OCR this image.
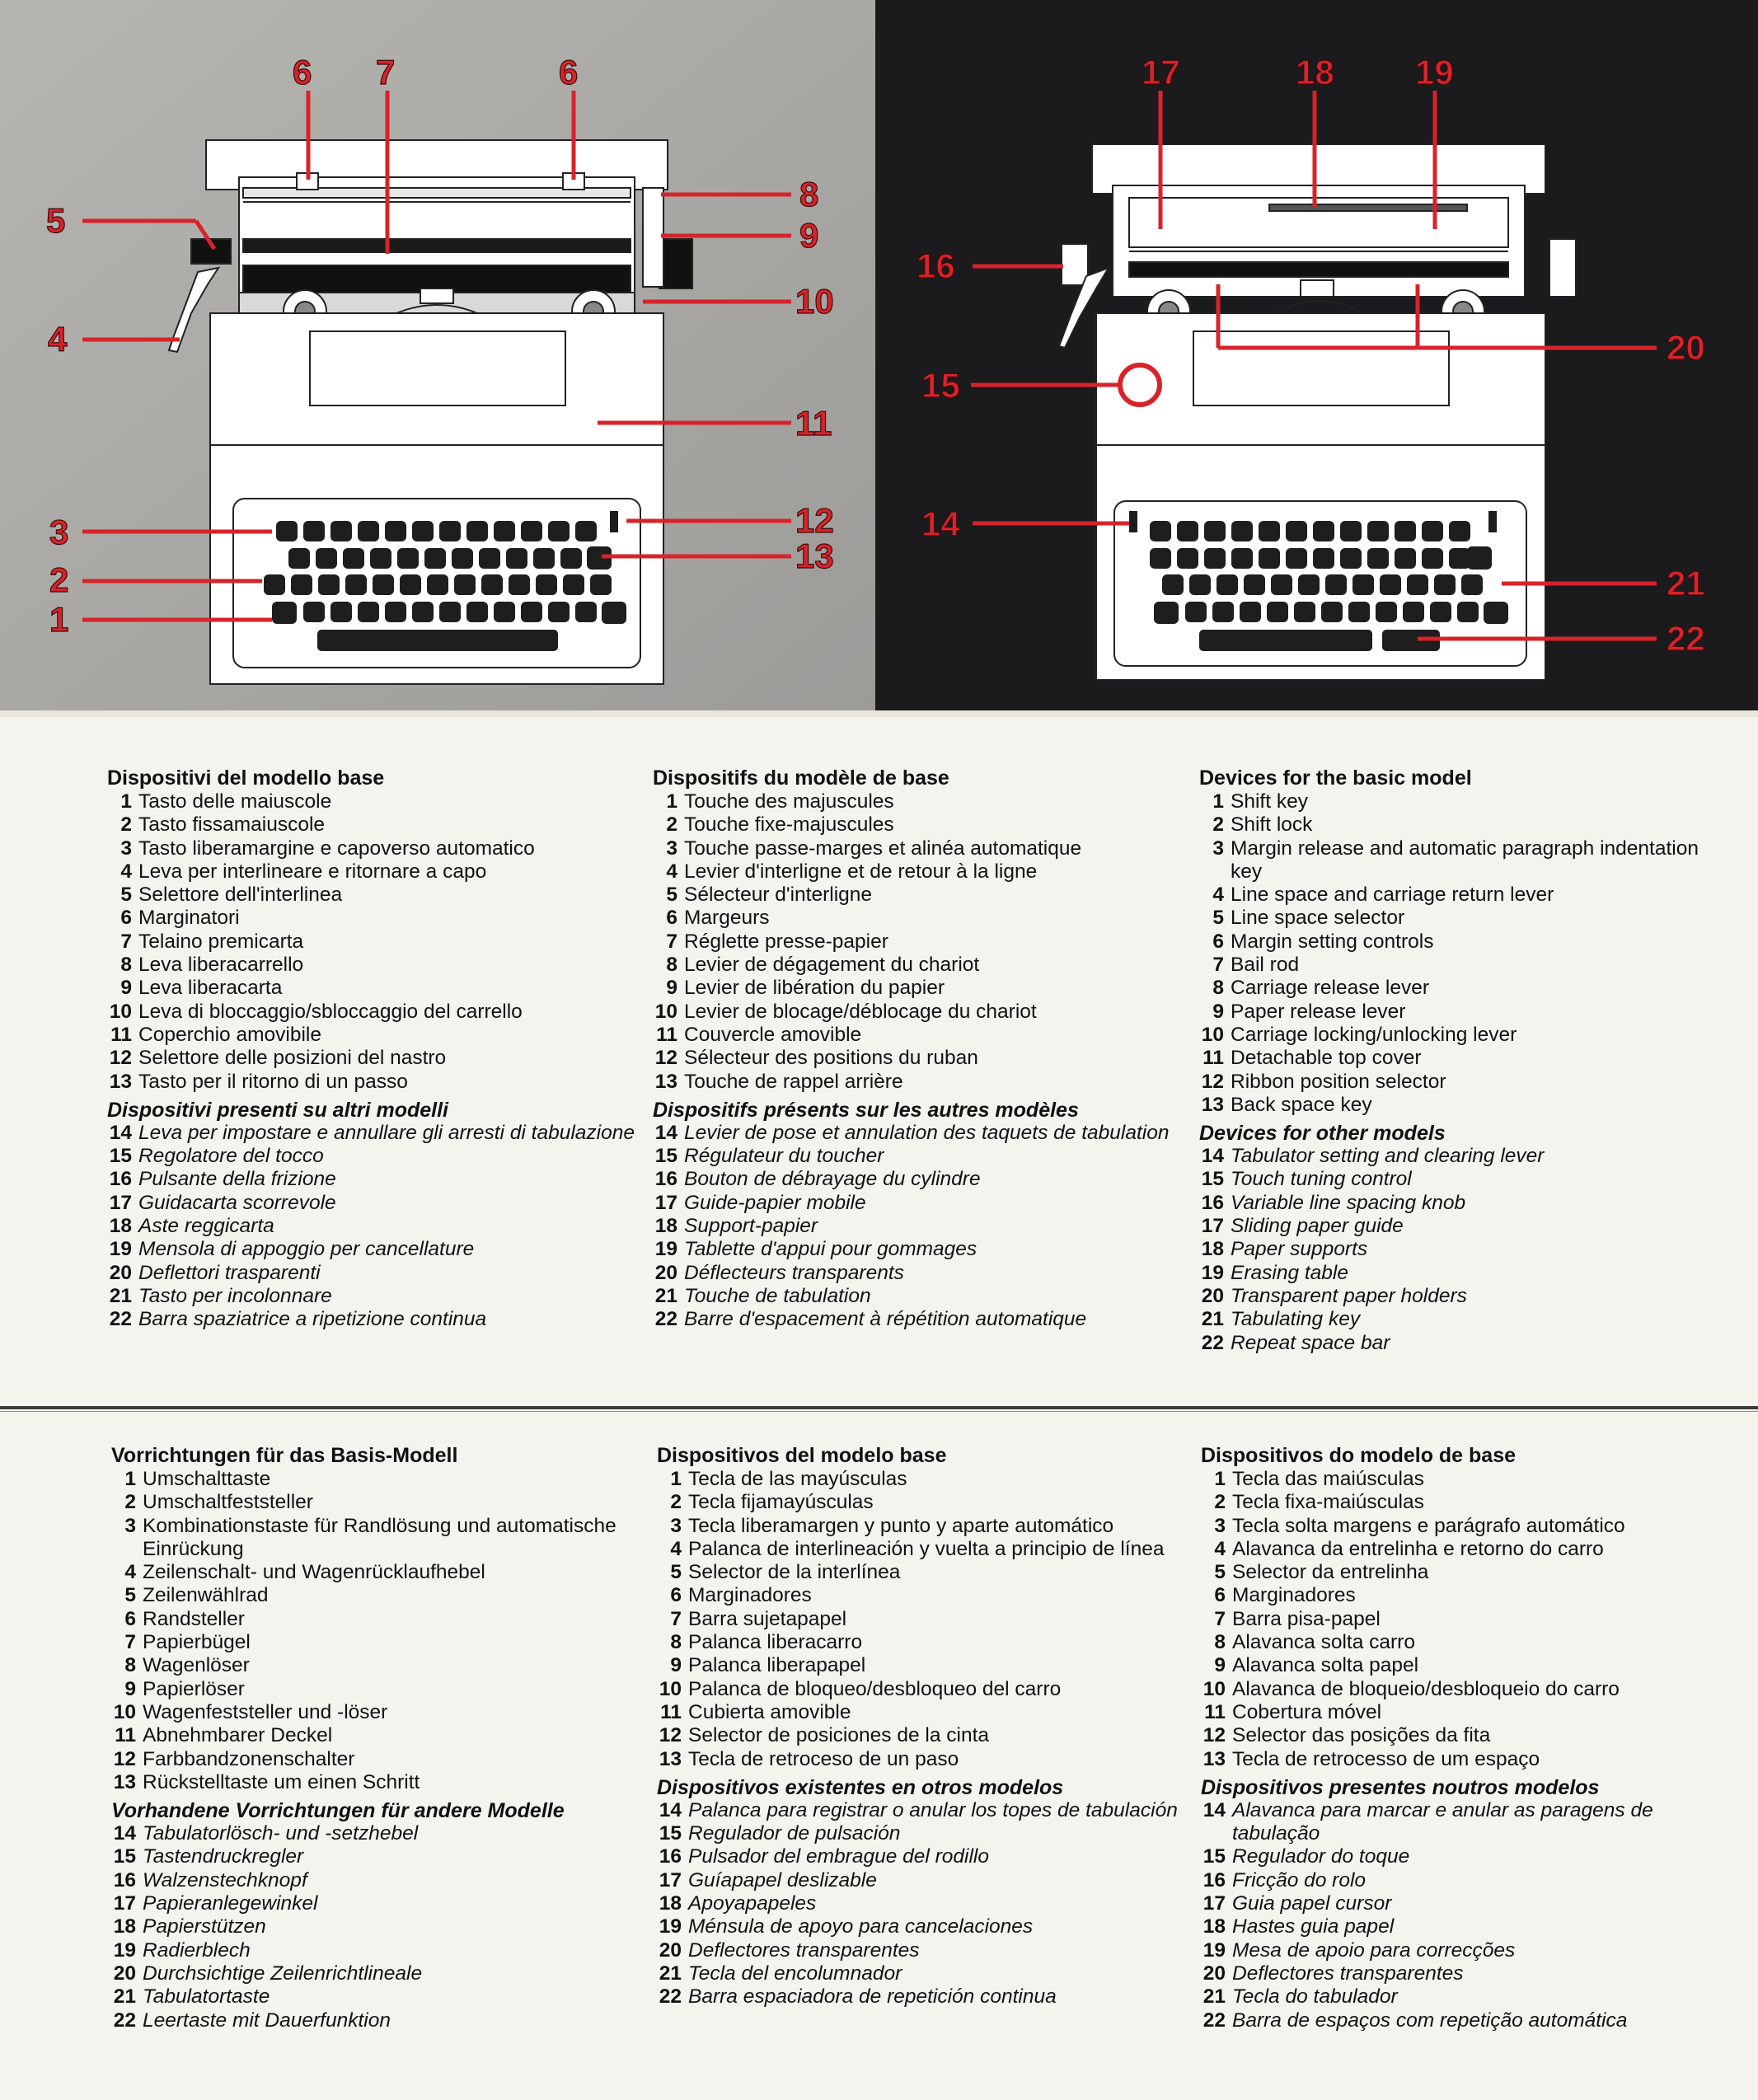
6 7	6
5
4
8
9
10
11
12
13
3
2
1
17	18 19
16
15
20
14
21
22
Dispositivi del modello base
1 Tasto delle maiuscole
2 Tasto fissamaiuscole
3 Tasto liberamargine e capoverso automatico
4 Leva per interlineare e ritornare a capo
5 Selettore dell'interlinea
6 Marginatori
7 Telaino premicarta
8 Leva liberacarrello
9 Leva liberacarta
10 Leva di bloccaggio/sbloccaggio del carrello
11 Coperchio amovibile
12 Selettore delle posizioni del nastro
13 Tasto per il ritorno di un passo
Dispositivi presenti su altri modelli
14 Leva per impostare e annullare gli arresti di tabulazione
15 Regolatore del tocco
16 Pulsante della frizione
17 Guidacarta scorrevole
18 Aste reggicarta
19 Mensola di appoggio per cancellature
20 Deflettori trasparenti
21 Tasto per incolonnare
22 Barra spaziatrice a ripetizione continua
Dispositifs du modèle de base
1 Touche des majuscules
2 Touche fixe-majuscules
3 Touche passe-marges et alinéa automatique
4 Levier d'interligne et de retour à la ligne
5 Sélecteur d'interligne
6 Margeurs
7 Réglette presse-papier
8 Levier de dégagement du chariot
9 Levier de libération du papier
10 Levier de blocage/déblocage du chariot
11 Couvercle amovible
12 Sélecteur des positions du ruban
13 Touche de rappel arrière
Dispositifs présents sur les autres modèles
14 Levier de pose et annulation des taquets de tabulation
15 Régulateur du toucher
16 Bouton de débrayage du cylindre
17 Guide-papier mobile
18 Support-papier
19 Tablette d'appui pour gommages
20 Déflecteurs transparents
21 Touche de tabulation
22 Barre d'espacement à répétition automatique
Devices for the basic model
1 Shift key
2 Shift lock
3 Margin release and automatic paragraph indentation key
4 Line space and carriage return lever
5 Line space selector
6 Margin setting controls
7 Bail rod
8 Carriage release lever
9 Paper release lever
10 Carriage locking/unlocking lever
11 Detachable top cover
12 Ribbon position selector
13 Back space key
Devices for other models
14 Tabulator setting and clearing lever
15 Touch tuning control
16 Variable line spacing knob
17 Sliding paper guide
18 Paper supports
19 Erasing table
20 Transparent paper holders
21 Tabulating key
22 Repeat space bar
Vorrichtungen für das Basis-Modell
1 Umschalttaste
2 Umschaltfeststeller
3 Kombinationstaste für Randlösung und automatische Einrückung
4 Zeilenschalt- und Wagenrücklaufhebel
5 Zeilenwählrad
6 Randsteller
7 Papierbügel
8 Wagenlöser
9 Papierlöser
10 Wagenfeststeller und -löser
11 Abnehmbarer Deckel
12 Farbbandzonenschalter
13 Rückstelltaste um einen Schritt
Vorhandene Vorrichtungen für andere Modelle
14 Tabulatorlösch- und -setzhebel
15 Tastendruckregler
16 Walzenstechknopf
17 Papieranlegewinkel
18 Papierstützen
19 Radierblech
20 Durchsichtige Zeilenrichtlineale
21 Tabulatortaste
22 Leertaste mit Dauerfunktion
Dispositivos del modelo base
1 Tecla de las mayúsculas
2 Tecla fijamayúsculas
3 Tecla liberamargen y punto y aparte automático
4 Palanca de interlineación y vuelta a principio de línea
5 Selector de la interlínea
6 Marginadores
7 Barra sujetapapel
8 Palanca liberacarro
9 Palanca liberapapel
10 Palanca de bloqueo/desbloqueo del carro
11 Cubierta amovible
12 Selector de posiciones de la cinta
13 Tecla de retroceso de un paso
Dispositivos existentes en otros modelos
14 Palanca para registrar o anular los topes de tabulación
15 Regulador de pulsación
16 Pulsador del embrague del rodillo
17 Guíapapel deslizable
18 Apoyapapeles
19 Ménsula de apoyo para cancelaciones
20 Deflectores transparentes
21 Tecla del encolumnador
22 Barra espaciadora de repetición continua
Dispositivos do modelo de base
1 Tecla das maiúsculas
2 Tecla fixa-maiúsculas
3 Tecla solta margens e parágrafo automático
4 Alavanca da entrelinha e retorno do carro
5 Selector da entrelinha
6 Marginadores
7 Barra pisa-papel
8 Alavanca solta carro
9 Alavanca solta papel
10 Alavanca de bloqueio/desbloqueio do carro
11 Cobertura móvel
12 Selector das posições da fita
13 Tecla de retrocesso de um espaço
Dispositivos presentes noutros modelos
14 Alavanca para marcar e anular as paragens de tabulação
15 Regulador do toque
16 Fricção do rolo
17 Guia papel cursor
18 Hastes guia papel
19 Mesa de apoio para correcções
20 Deflectores transparentes
21 Tecla do tabulador
22 Barra de espaços com repetição automática
